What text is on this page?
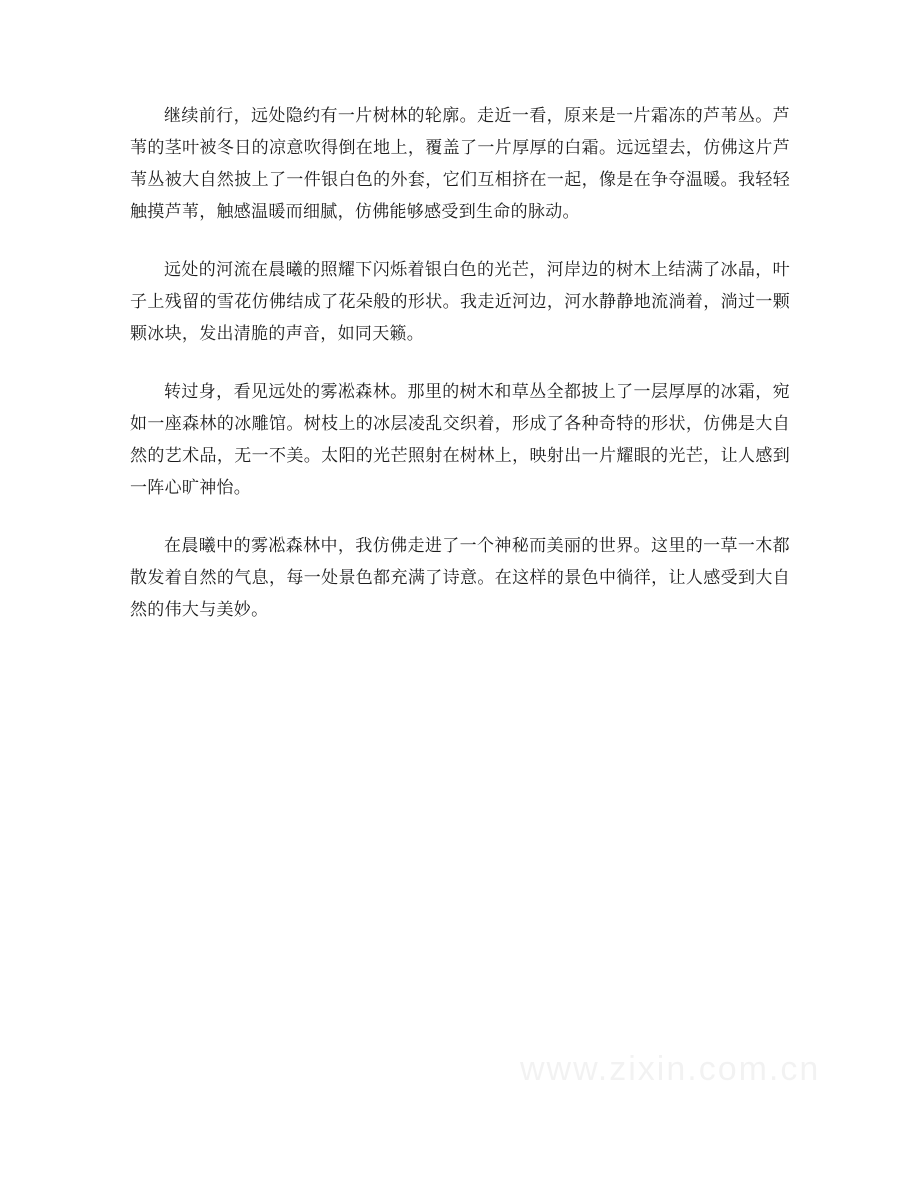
继续前行，远处隐约有一片树林的轮廓。走近一看，原来是一片霜冻的芦苇丛。芦苇的茎叶被冬日的凉意吹得倒在地上，覆盖了一片厚厚的白霜。远远望去，仿佛这片芦苇丛被大自然披上了一件银白色的外套，它们互相挤在一起，像是在争夺温暖。我轻轻触摸芦苇，触感温暖而细腻，仿佛能够感受到生命的脉动。

远处的河流在晨曦的照耀下闪烁着银白色的光芒，河岸边的树木上结满了冰晶，叶子上残留的雪花仿佛结成了花朵般的形状。我走近河边，河水静静地流淌着，淌过一颗颗冰块，发出清脆的声音，如同天籁。

转过身，看见远处的雾凇森林。那里的树木和草丛全都披上了一层厚厚的冰霜，宛如一座森林的冰雕馆。树枝上的冰层凌乱交织着，形成了各种奇特的形状，仿佛是大自然的艺术品，无一不美。太阳的光芒照射在树林上，映射出一片耀眼的光芒，让人感到一阵心旷神怡。

在晨曦中的雾凇森林中，我仿佛走进了一个神秘而美丽的世界。这里的一草一木都散发着自然的气息，每一处景色都充满了诗意。在这样的景色中徜徉，让人感受到大自然的伟大与美妙。

www.zixin.com.cn
